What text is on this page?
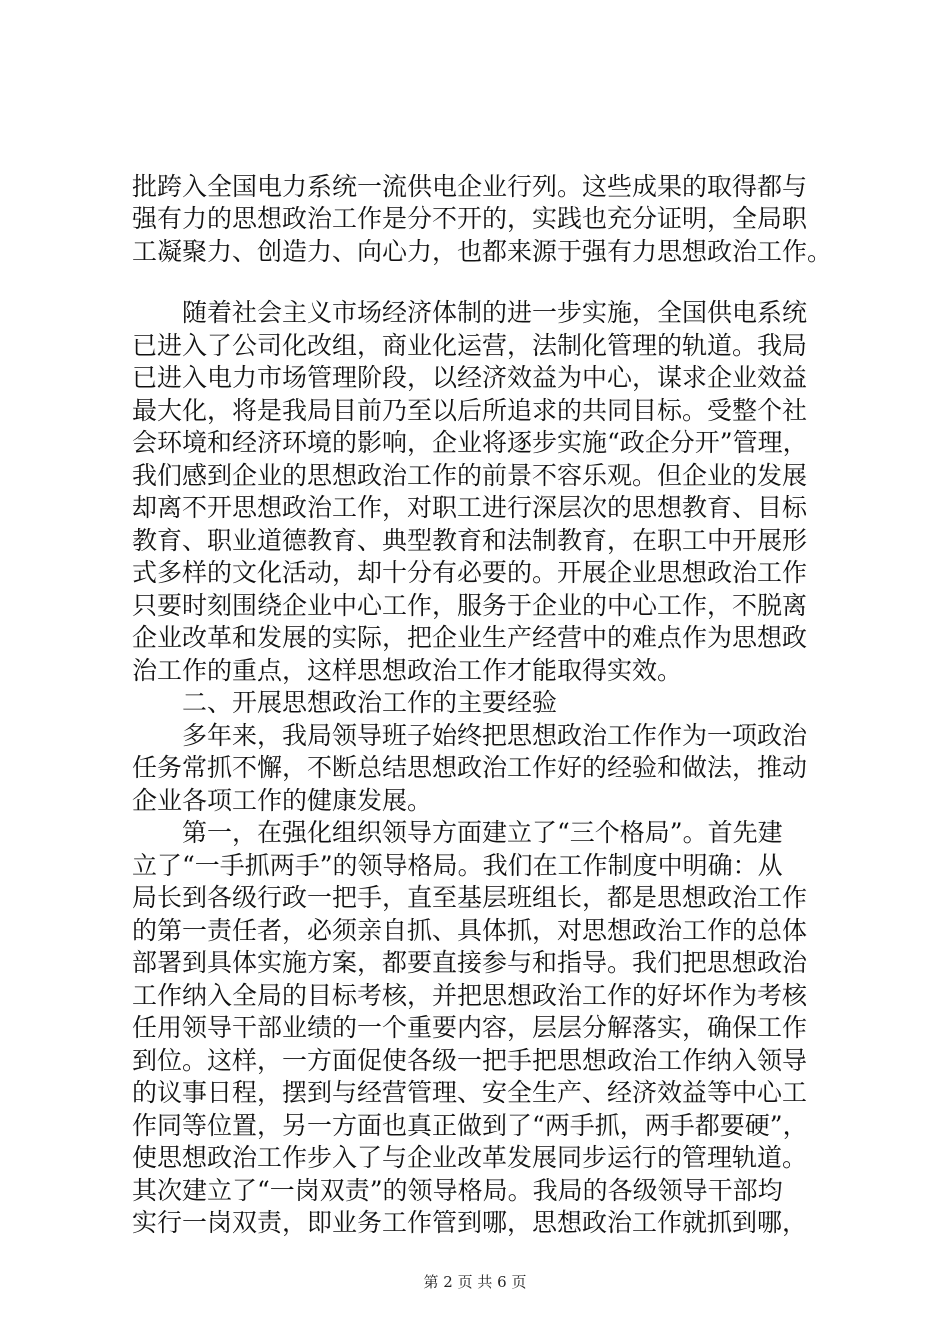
批跨入全国电力系统一流供电企业行列。这些成果的取得都与
强有力的思想政治工作是分不开的，实践也充分证明，全局职
工凝聚力、创造力、向心力，也都来源于强有力思想政治工作。
　　随着社会主义市场经济体制的进一步实施，全国供电系统
已进入了公司化改组，商业化运营，法制化管理的轨道。我局
已进入电力市场管理阶段，以经济效益为中心，谋求企业效益
最大化，将是我局目前乃至以后所追求的共同目标。受整个社
会环境和经济环境的影响，企业将逐步实施“政企分开”管理，
我们感到企业的思想政治工作的前景不容乐观。但企业的发展
却离不开思想政治工作，对职工进行深层次的思想教育、目标
教育、职业道德教育、典型教育和法制教育，在职工中开展形
式多样的文化活动，却十分有必要的。开展企业思想政治工作
只要时刻围绕企业中心工作，服务于企业的中心工作，不脱离
企业改革和发展的实际，把企业生产经营中的难点作为思想政
治工作的重点，这样思想政治工作才能取得实效。
　　二、开展思想政治工作的主要经验
　　多年来，我局领导班子始终把思想政治工作作为一项政治
任务常抓不懈，不断总结思想政治工作好的经验和做法，推动
企业各项工作的健康发展。
　　第一，在强化组织领导方面建立了“三个格局”。首先建
立了“一手抓两手”的领导格局。我们在工作制度中明确：从
局长到各级行政一把手，直至基层班组长，都是思想政治工作
的第一责任者，必须亲自抓、具体抓，对思想政治工作的总体
部署到具体实施方案，都要直接参与和指导。我们把思想政治
工作纳入全局的目标考核，并把思想政治工作的好坏作为考核
任用领导干部业绩的一个重要内容，层层分解落实，确保工作
到位。这样，一方面促使各级一把手把思想政治工作纳入领导
的议事日程，摆到与经营管理、安全生产、经济效益等中心工
作同等位置，另一方面也真正做到了“两手抓，两手都要硬”，
使思想政治工作步入了与企业改革发展同步运行的管理轨道。
其次建立了“一岗双责”的领导格局。我局的各级领导干部均
实行一岗双责，即业务工作管到哪，思想政治工作就抓到哪，
第 2 页 共 6 页
